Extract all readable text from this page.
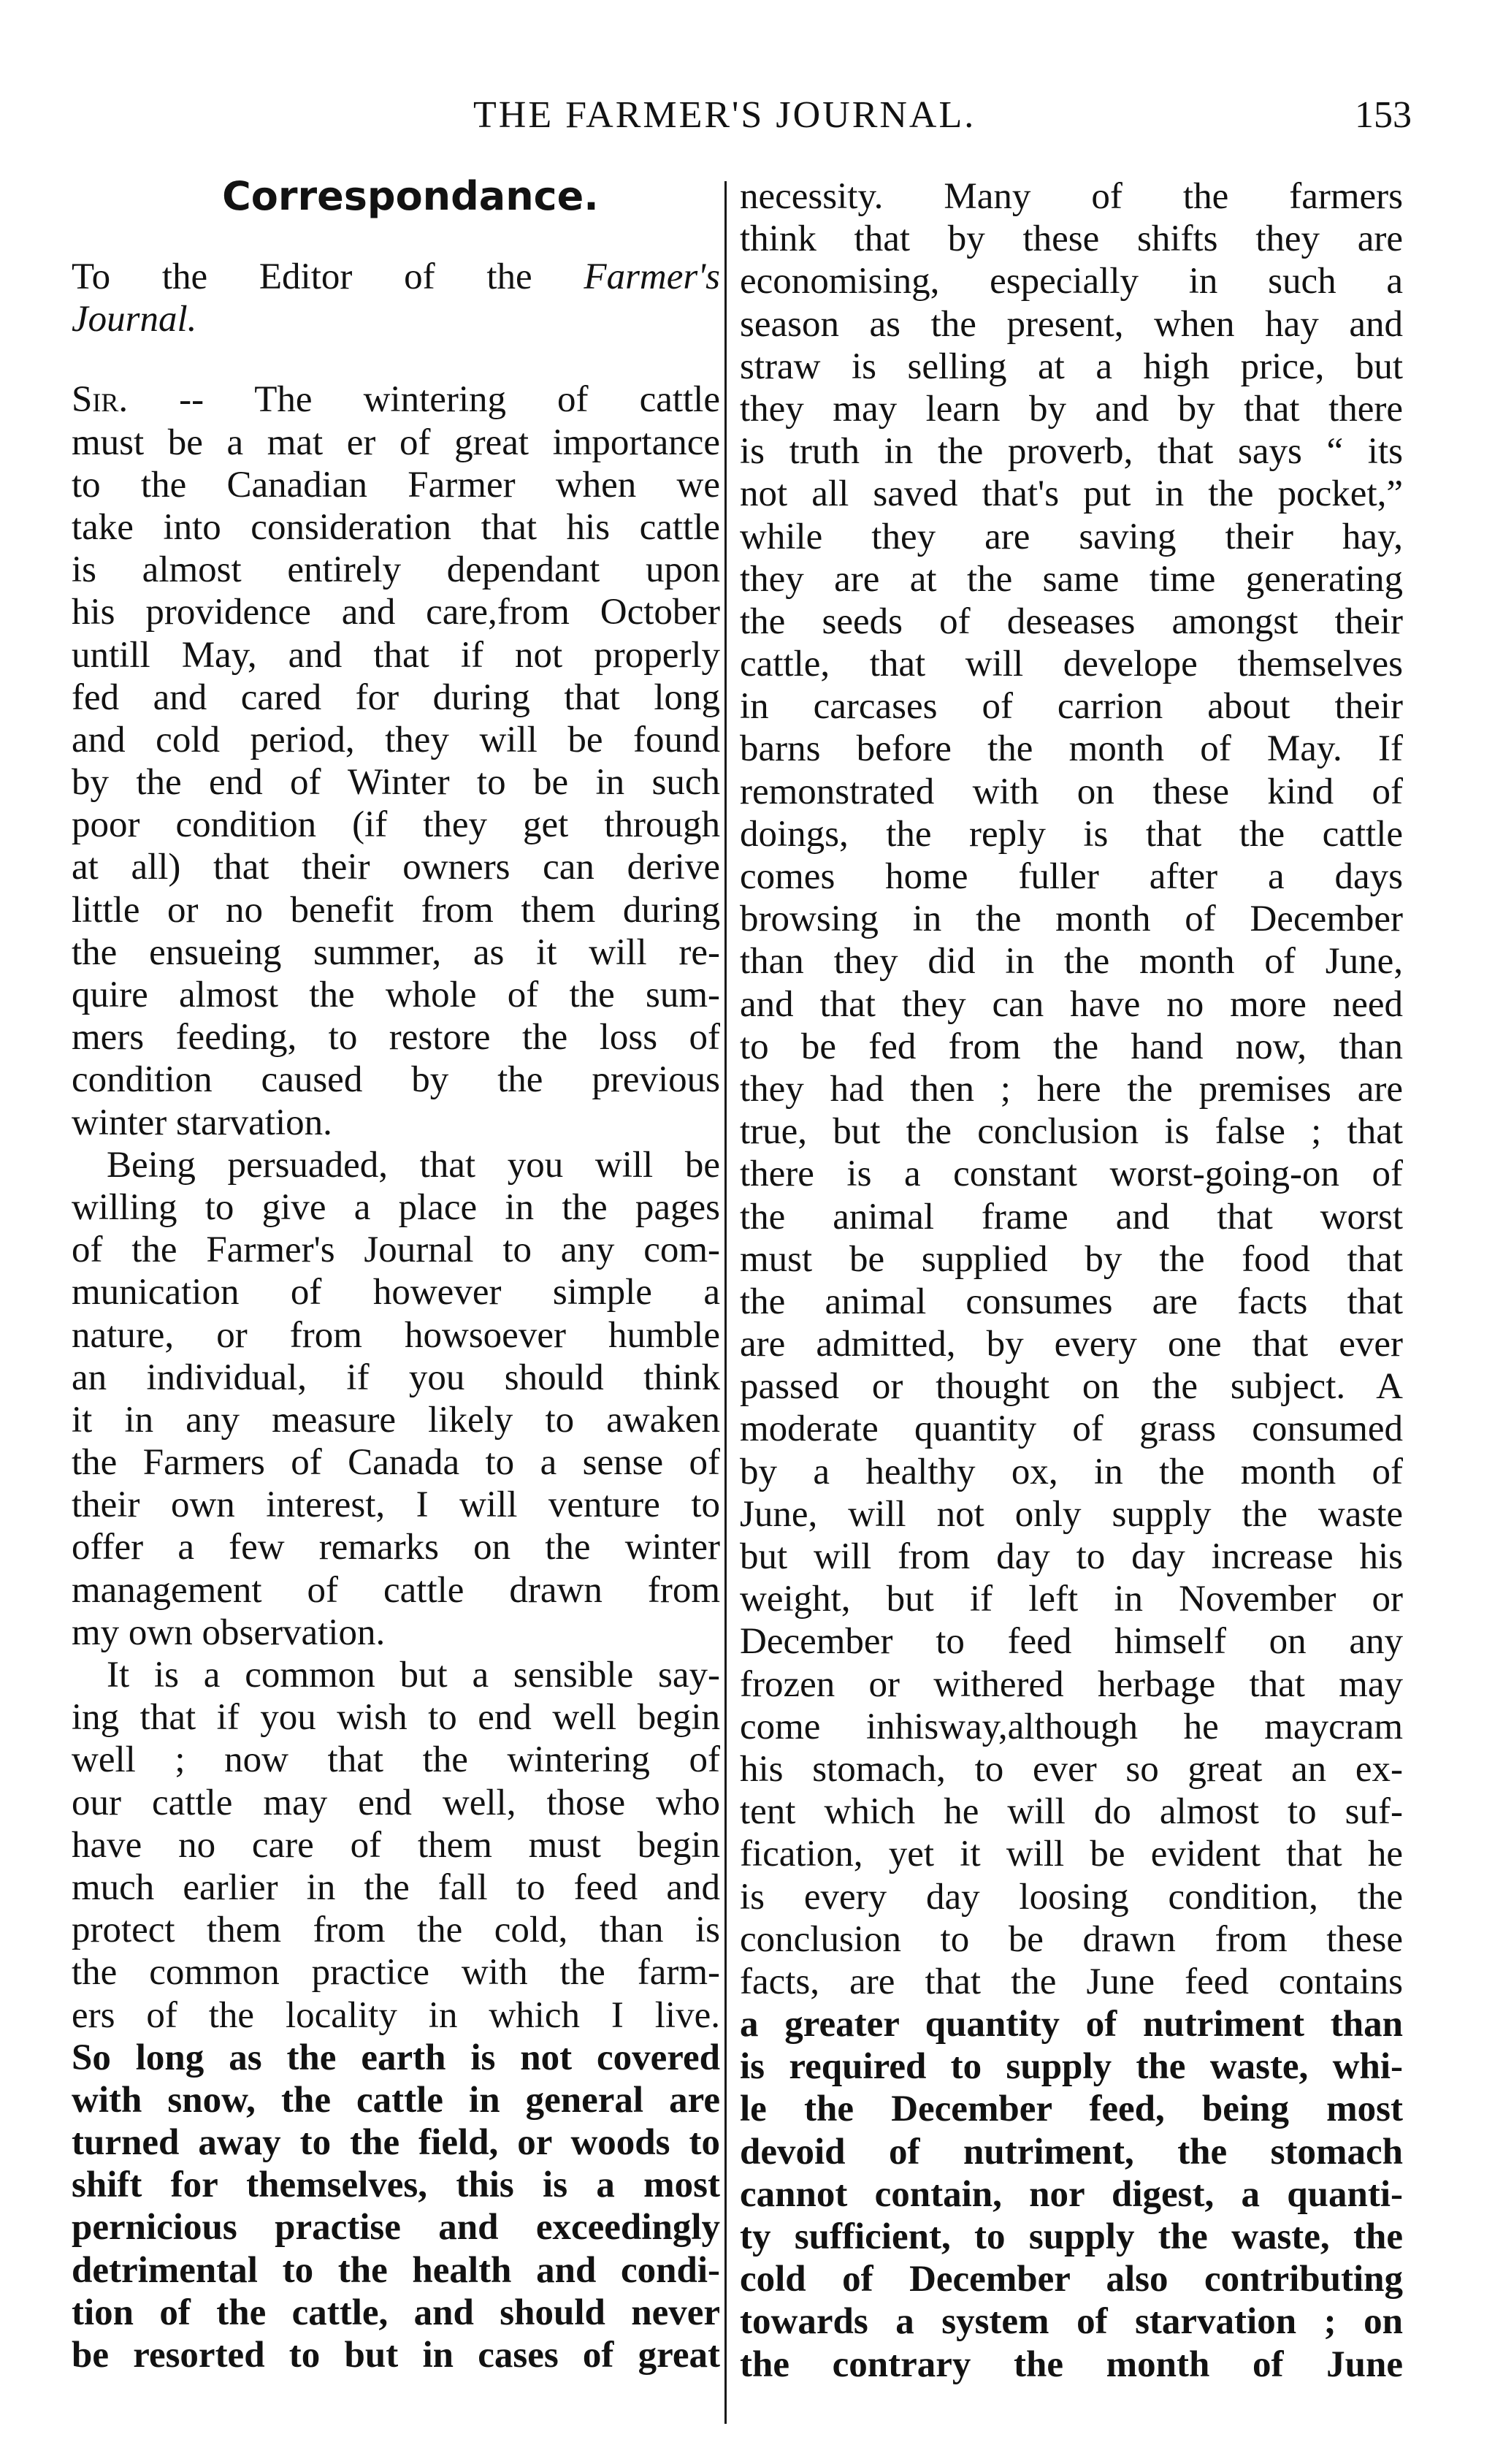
THE FARMER'S JOURNAL.	153
Correspondance.
To the Editor of the Farmer's
Journal.
Sir. -- The wintering of cattle
must be a mat er of great importance
to the Canadian Farmer when we
take into consideration that his cattle
is almost entirely dependant upon
his providence and care,from October
untill May, and that if not properly
fed and cared for during that long
and cold period, they will be found
by the end of Winter to be in such
poor condition (if they get through
at all) that their owners can derive
little or no benefit from them during
the ensueing summer, as it will re-
quire almost the whole of the sum-
mers feeding, to restore the loss of
condition caused by the previous
winter starvation.
Being persuaded, that you will be
willing to give a place in the pages
of the Farmer's Journal to any com-
munication of however simple a
nature, or from howsoever humble
an individual, if you should think
it in any measure likely to awaken
the Farmers of Canada to a sense of
their own interest, I will venture to
offer a few remarks on the winter
management of cattle drawn from
my own observation.
It is a common but a sensible say-
ing that if you wish to end well begin
well ; now that the wintering of
our cattle may end well, those who
have no care of them must begin
much earlier in the fall to feed and
protect them from the cold, than is
the common practice with the farm-
ers of the locality in which I live.
So long as the earth is not covered
with snow, the cattle in general are
turned away to the field, or woods to
shift for themselves, this is a most
pernicious practise and exceedingly
detrimental to the health and condi-
tion of the cattle, and should never
be resorted to but in cases of great
necessity. Many of the farmers
think that by these shifts they are
economising, especially in such a
season as the present, when hay and
straw is selling at a high price, but
they may learn by and by that there
is truth in the proverb, that says “ its
not all saved that's put in the pocket,”
while they are saving their hay,
they are at the same time generating
the seeds of deseases amongst their
cattle, that will develope themselves
in carcases of carrion about their
barns before the month of May. If
remonstrated with on these kind of
doings, the reply is that the cattle
comes home fuller after a days
browsing in the month of December
than they did in the month of June,
and that they can have no more need
to be fed from the hand now, than
they had then ; here the premises are
true, but the conclusion is false ; that
there is a constant worst-going-on of
the animal frame and that worst
must be supplied by the food that
the animal consumes are facts that
are admitted, by every one that ever
passed or thought on the subject. A
moderate quantity of grass consumed
by a healthy ox, in the month of
June, will not only supply the waste
but will from day to day increase his
weight, but if left in November or
December to feed himself on any
frozen or withered herbage that may
come inhisway,although he maycram
his stomach, to ever so great an ex-
tent which he will do almost to suf-
fication, yet it will be evident that he
is every day loosing condition, the
conclusion to be drawn from these
facts, are that the June feed contains
a greater quantity of nutriment than
is required to supply the waste, whi-
le the December feed, being most
devoid of nutriment, the stomach
cannot contain, nor digest, a quanti-
ty sufficient, to supply the waste, the
cold of December also contributing
towards a system of starvation ; on
the contrary the month of June
